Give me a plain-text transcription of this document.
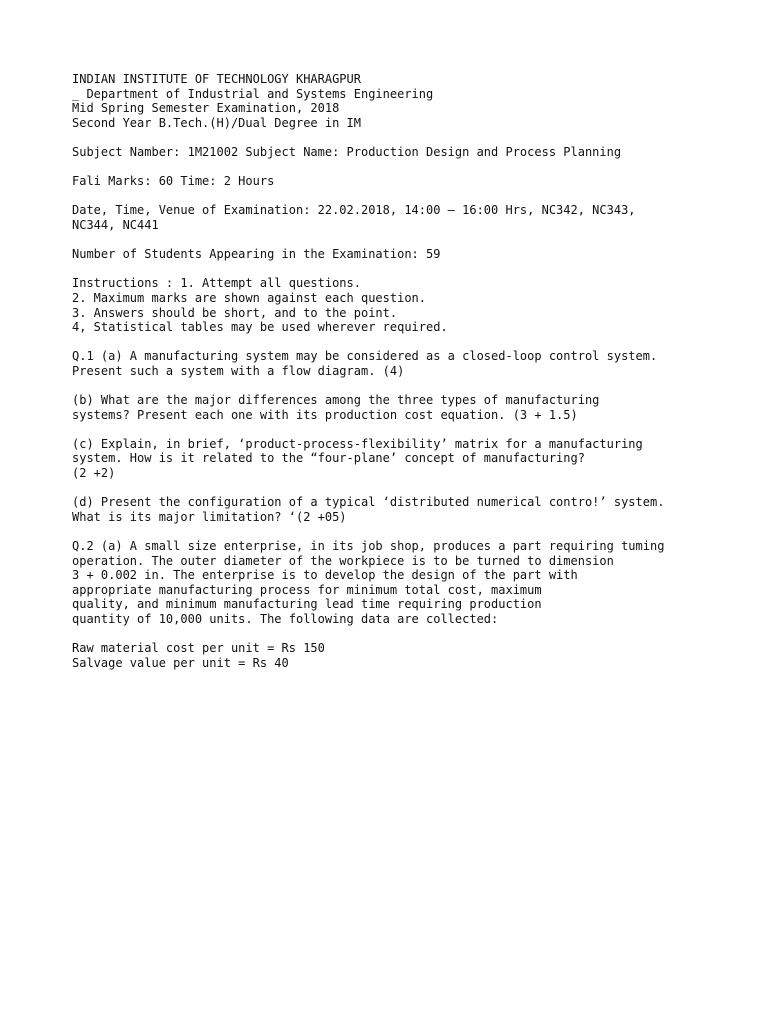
INDIAN INSTITUTE OF TECHNOLOGY KHARAGPUR
_ Department of Industrial and Systems Engineering
Mid Spring Semester Examination, 2018
Second Year B.Tech.(H)/Dual Degree in IM
Subject Namber: 1M21002 Subject Name: Production Design and Process Planning
Fali Marks: 60 Time: 2 Hours
Date, Time, Venue of Examination: 22.02.2018, 14:00 — 16:00 Hrs, NC342, NC343,
NC344, NC441
Number of Students Appearing in the Examination: 59
Instructions : 1. Attempt all questions.
2. Maximum marks are shown against each question.
3. Answers should be short, and to the point.
4, Statistical tables may be used wherever required.
Q.1 (a) A manufacturing system may be considered as a closed-loop control system.
Present such a system with a flow diagram. (4)
(b) What are the major differences among the three types of manufacturing
systems? Present each one with its production cost equation. (3 + 1.5)
(c) Explain, in brief, ‘product-process-flexibility’ matrix for a manufacturing
system. How is it related to the “four-plane’ concept of manufacturing?
(2 +2)
(d) Present the configuration of a typical ‘distributed numerical contro!’ system.
What is its major limitation? ‘(2 +05)
Q.2 (a) A small size enterprise, in its job shop, produces a part requiring tuming
operation. The outer diameter of the workpiece is to be turned to dimension
3 + 0.002 in. The enterprise is to develop the design of the part with
appropriate manufacturing process for minimum total cost, maximum
quality, and minimum manufacturing lead time requiring production
quantity of 10,000 units. The following data are collected:
Raw material cost per unit = Rs 150
Salvage value per unit = Rs 40
